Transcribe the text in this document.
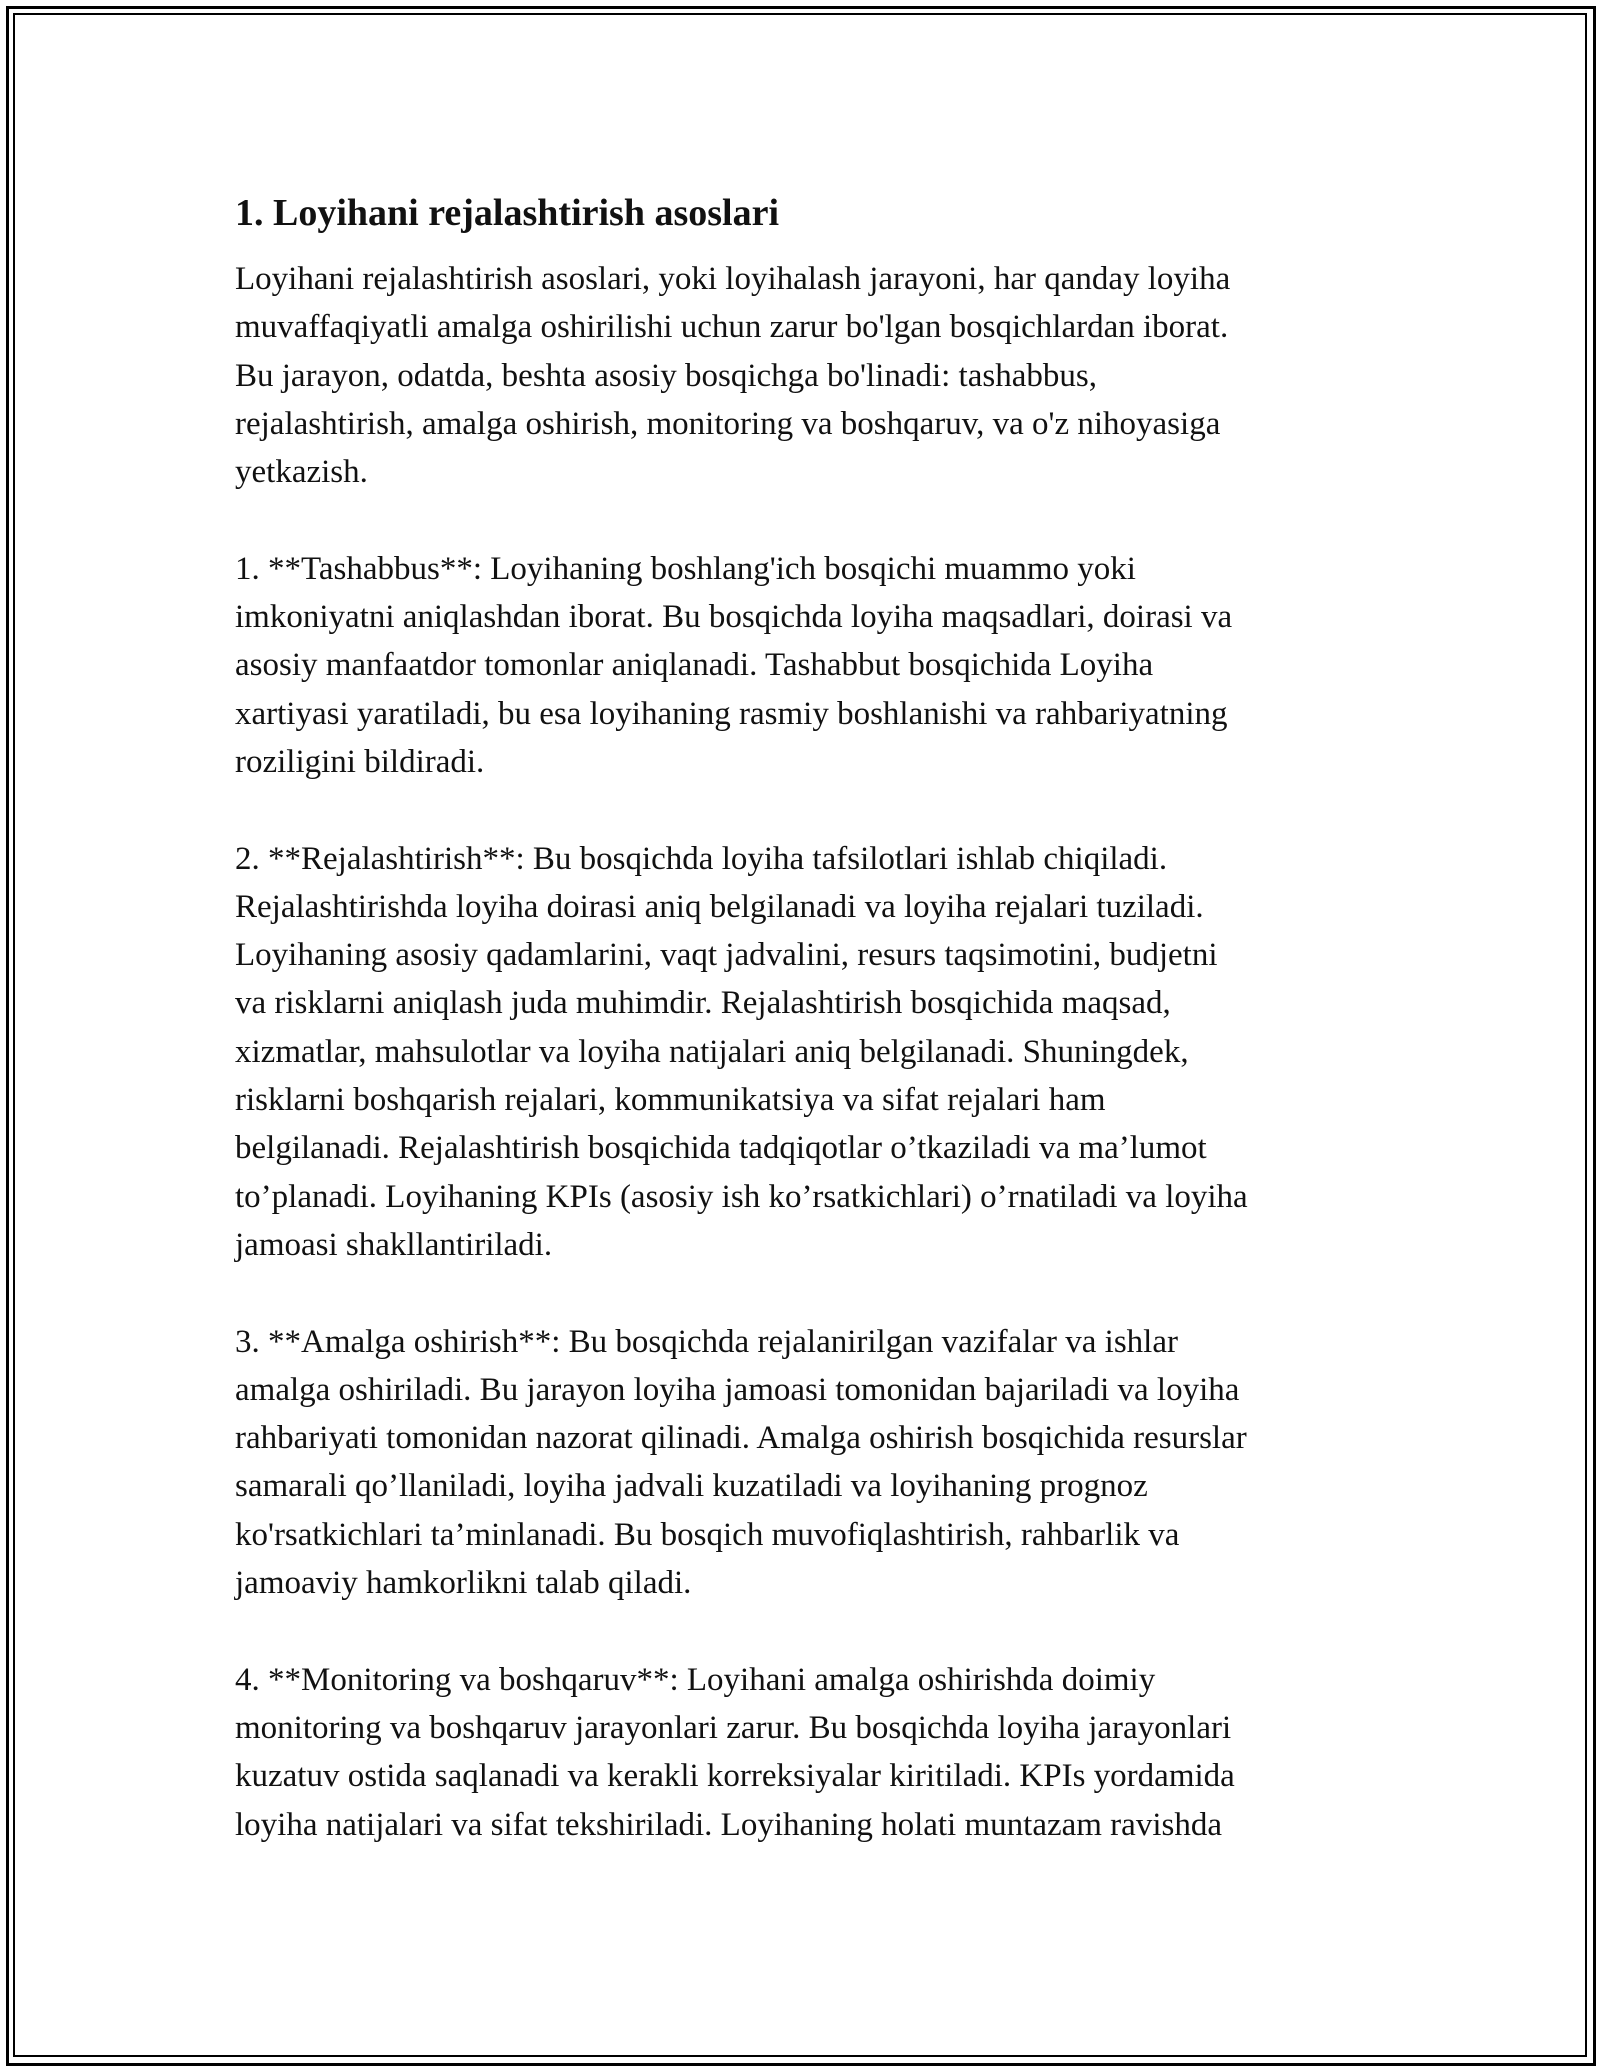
1. Loyihani rejalashtirish asoslari

Loyihani rejalashtirish asoslari, yoki loyihalash jarayoni, har qanday loyiha
muvaffaqiyatli amalga oshirilishi uchun zarur bo'lgan bosqichlardan iborat.
Bu jarayon, odatda, beshta asosiy bosqichga bo'linadi: tashabbus,
rejalashtirish, amalga oshirish, monitoring va boshqaruv, va o'z nihoyasiga
yetkazish.

1. **Tashabbus**: Loyihaning boshlang'ich bosqichi muammo yoki
imkoniyatni aniqlashdan iborat. Bu bosqichda loyiha maqsadlari, doirasi va
asosiy manfaatdor tomonlar aniqlanadi. Tashabbut bosqichida Loyiha
xartiyasi yaratiladi, bu esa loyihaning rasmiy boshlanishi va rahbariyatning
roziligini bildiradi.

2. **Rejalashtirish**: Bu bosqichda loyiha tafsilotlari ishlab chiqiladi.
Rejalashtirishda loyiha doirasi aniq belgilanadi va loyiha rejalari tuziladi.
Loyihaning asosiy qadamlarini, vaqt jadvalini, resurs taqsimotini, budjetni
va risklarni aniqlash juda muhimdir. Rejalashtirish bosqichida maqsad,
xizmatlar, mahsulotlar va loyiha natijalari aniq belgilanadi. Shuningdek,
risklarni boshqarish rejalari, kommunikatsiya va sifat rejalari ham
belgilanadi. Rejalashtirish bosqichida tadqiqotlar o’tkaziladi va ma’lumot
to’planadi. Loyihaning KPIs (asosiy ish ko’rsatkichlari) o’rnatiladi va loyiha
jamoasi shakllantiriladi.

3. **Amalga oshirish**: Bu bosqichda rejalanirilgan vazifalar va ishlar
amalga oshiriladi. Bu jarayon loyiha jamoasi tomonidan bajariladi va loyiha
rahbariyati tomonidan nazorat qilinadi. Amalga oshirish bosqichida resurslar
samarali qo’llaniladi, loyiha jadvali kuzatiladi va loyihaning prognoz
ko'rsatkichlari ta’minlanadi. Bu bosqich muvofiqlashtirish, rahbarlik va
jamoaviy hamkorlikni talab qiladi.

4. **Monitoring va boshqaruv**: Loyihani amalga oshirishda doimiy
monitoring va boshqaruv jarayonlari zarur. Bu bosqichda loyiha jarayonlari
kuzatuv ostida saqlanadi va kerakli korreksiyalar kiritiladi. KPIs yordamida
loyiha natijalari va sifat tekshiriladi. Loyihaning holati muntazam ravishda
